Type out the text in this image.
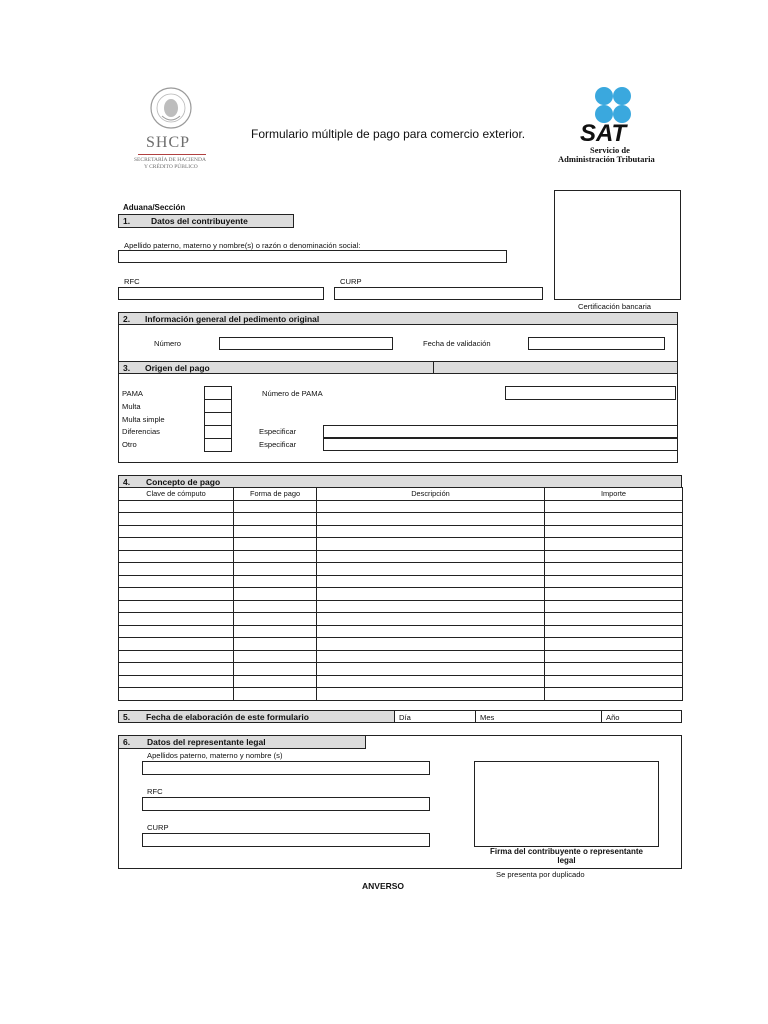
SHCP
SECRETARÍA DE HACIENDA
Y CRÉDITO PÚBLICO
Formulario múltiple de pago para comercio exterior. SAT
Servicio de
Administración Tributaria
Aduana/Sección
Certificación bancaria
1. Datos del contribuyente
Apellido paterno, materno y nombre(s) o razón o denominación social:
RFC	CURP
2. Información general del pedimento original
Número	Fecha de validación
3. Origen del pago
PAMA
Multa
Multa simple
Diferencias
Otro
Número de PAMA
Especificar
Especificar
4. Concepto de pago
Clave de cómputo	Forma de pago	Descripción	Importe

5. Fecha de elaboración de este formulario	Día	Mes	Año
6. Datos del representante legal
Apellidos paterno, materno y nombre (s)
RFC
CURP
Firma del contribuyente o representante
legal
Se presenta por duplicado
ANVERSO
